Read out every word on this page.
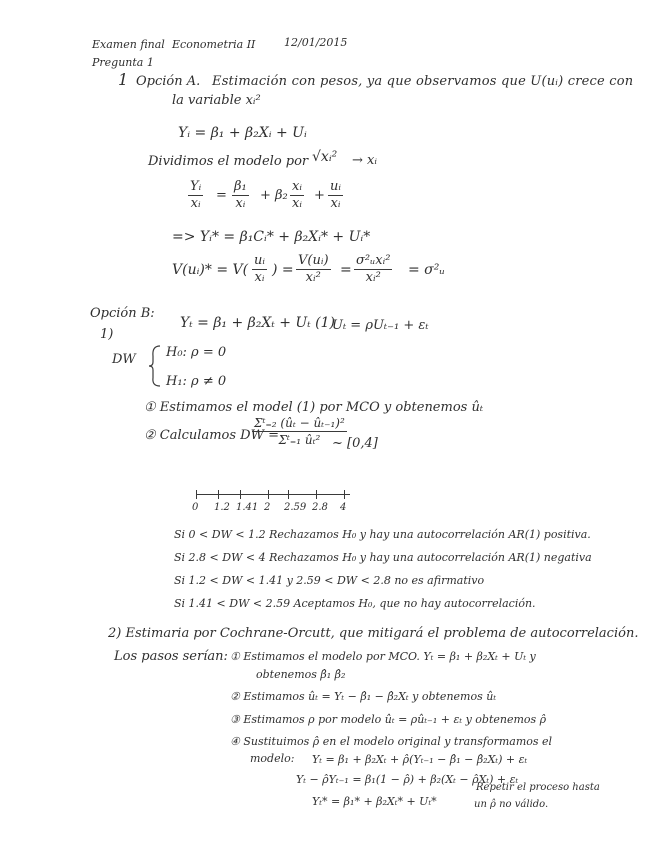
Examen final Econometria II	12/01/2015
Pregunta 1
1 Opción A. Estimación con pesos, ya que observamos que U(uᵢ) crece con
la variable xᵢ²
Yᵢ = β₁ + β₂Xᵢ + Uᵢ
Dividimos el modelo por √xᵢ² → xᵢ
$\frac{\text{Yᵢ}}{\text{xᵢ}} = \frac{\text{β₁}}{\text{xᵢ}} + \beta_2 \frac{\text{xᵢ}}{\text{xᵢ}} + \frac{\text{uᵢ}}{\text{xᵢ}}$
=> Yᵢ* = β₁Cᵢ* + β₂Xᵢ* + Uᵢ*
V(uᵢ)* = $V( \frac{\text{uᵢ}}{\text{xᵢ}}$ ) = $\frac{\text{V(uᵢ)}}{\text{xᵢ²}}$ =
σ²ᵤxᵢ²
xᵢ² = σ²ᵤ
Opción B:
1)
Yₜ = β₁ + β₂Xₜ + Uₜ (1)
Uₜ = ρUₜ₋₁ + εₜ
DW H₀: ρ = 0
H₁: ρ ≠ 0
① Estimamos el model (1) por MCO y obtenemos ûₜ
② Calculamos DW =
$\frac{\text{Σᵗ₌₂ (ûₜ − ûₜ₋₁)²}}{\text{Σᵗ₌₁ ûₜ²}}$
~ [0,4]
0 1.2 1.41 2 2.59 2.8 4
Si 0 < DW < 1.2 Rechazamos H₀ y hay una autocorrelación AR(1) positiva.
Si 2.8 < DW < 4 Rechazamos H₀ y hay una autocorrelación AR(1) negativa
Si 1.2 < DW < 1.41 y 2.59 < DW < 2.8 no es afirmativo
Si 1.41 < DW < 2.59 Aceptamos H₀, que no hay autocorrelación.
2) Estimaria por Cochrane-Orcutt, que mitigará el problema de autocorrelación.
Los pasos serían: ① Estimamos el modelo por MCO. Yₜ = β₁ + β₂Xₜ + Uₜ y
obtenemos β̂₁ β̂₂
② Estimamos ûₜ = Yₜ − β̂₁ − β̂₂Xₜ y obtenemos ûₜ
③ Estimamos ρ por modelo ûₜ = ρûₜ₋₁ + εₜ y obtenemos ρ̂
④ Sustituimos ρ̂ en el modelo original y transformamos el
modelo: Yₜ = β₁ + β₂Xₜ + ρ̂(Yₜ₋₁ − β̂₁ − β̂₂Xₜ) + εₜ
Yₜ − ρ̂Yₜ₋₁ = β₁(1 − ρ̂) + β₂(Xₜ − ρ̂Xₜ) + εₜ
Yₜ* = β₁* + β₂Xₜ* + Uₜ*
Repetir el proceso hasta
un ρ̂ no válido.
